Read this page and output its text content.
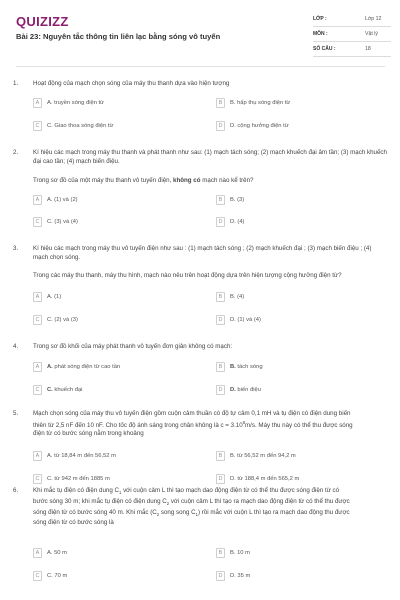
QUIZIZZ
Bài 23: Nguyên tắc thông tin liên lạc bằng sóng vô tuyến
LỚP :	Lớp 12
MÔN :	Vật lý
SỐ CÂU :	18
1. Hoạt động của mạch chọn sóng của máy thu thanh dựa vào hiện tượng
A	A. truyền sóng điện từ	B	B. hấp thụ sóng điện từ
C	C. Giao thoa sóng điện từ	D	D. cộng hưởng điện từ
2. Kí hiệu các mạch trong máy thu thanh và phát thanh như sau: (1) mạch tách sóng; (2) mạch khuếch đại âm tần; (3) mạch khuếch đại cao tần; (4) mạch biến điệu.
Trong sơ đồ của một máy thu thanh vô tuyến điện, không có mạch nào kể trên?
A	A. (1) và (2)	B	B. (3)
C	C. (3) và (4)	D	D. (4)
3. Kí hiệu các mạch trong máy thu vô tuyến điện như sau : (1) mạch tách sóng ; (2) mạch khuếch đại ; (3) mạch biến điệu ; (4) mạch chọn sóng.
Trong các máy thu thanh, máy thu hình, mạch nào nêu trên hoạt động dựa trên hiện tượng cộng hưởng điện từ?
A	A. (1)	B	B. (4)
C	C. (2) và (3)	D	D. (1) và (4)
4. Trong sơ đồ khối của máy phát thanh vô tuyến đơn giản không có mạch:
A	A. phát sóng điện từ cao tần	B	B. tách sóng
C	C. khuếch đại	D	D. biến điệu
5. Mạch chọn sóng của máy thu vô tuyến điện gồm cuộn cảm thuần có độ tự cảm 0,1 mH và tụ điện có điện dung biến
thiên từ 2,5 nF đến 10 nF. Cho tốc độ ánh sáng trong chân không là $c = 3.10^8m/s$. Máy thu này có thể thu được sóng
điện từ có bước sóng nằm trong khoảng
A	A. từ 18,84 m đến 56,52 m	B	B. từ 56,52 m đến 94,2 m
C	C. từ 942 m đến 1885 m	D	D. từ 188,4 m đến 565,2 m
6. Khi mắc tụ điện có điện dung $C_1$ với cuộn cảm L thì tạo mạch dao động điện từ có thể thu được sóng điện từ có
bước sóng 30 m; khi mắc tụ điện có điện dung $C_2$ với cuộn cảm L thì tạo ra mạch dao động điện từ có thể thu được
sóng điện từ có bước sóng 40 m. Khi mắc ($C_2$ song song $C_1$) rồi mắc với cuộn L thì tạo ra mạch dao động thu được
sóng điện từ có bước sóng là
A	A. 50 m	B	B. 10 m
C	C. 70 m	D	D. 35 m
